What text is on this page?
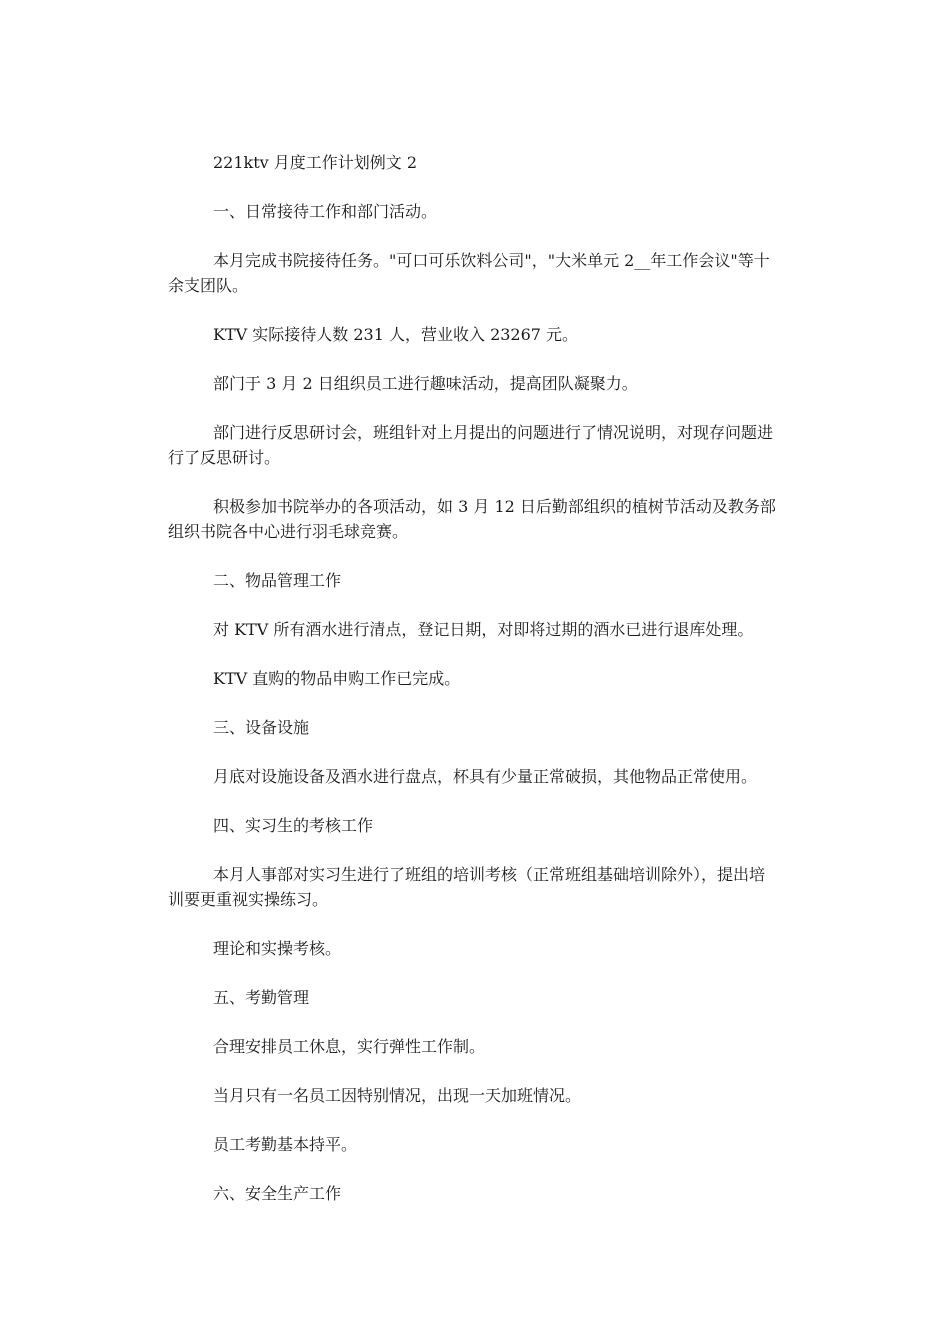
221ktv 月度工作计划例文 2

一、日常接待工作和部门活动。

本月完成书院接待任务。"可口可乐饮料公司"，"大米单元 2__年工作会议"等十余支团队。

KTV 实际接待人数 231 人，营业收入 23267 元。

部门于 3 月 2 日组织员工进行趣味活动，提高团队凝聚力。

部门进行反思研讨会，班组针对上月提出的问题进行了情况说明，对现存问题进行了反思研讨。

积极参加书院举办的各项活动，如 3 月 12 日后勤部组织的植树节活动及教务部组织书院各中心进行羽毛球竞赛。

二、物品管理工作

对 KTV 所有酒水进行清点，登记日期，对即将过期的酒水已进行退库处理。

KTV 直购的物品申购工作已完成。

三、设备设施

月底对设施设备及酒水进行盘点，杯具有少量正常破损，其他物品正常使用。

四、实习生的考核工作

本月人事部对实习生进行了班组的培训考核（正常班组基础培训除外），提出培训要更重视实操练习。

理论和实操考核。

五、考勤管理

合理安排员工休息，实行弹性工作制。

当月只有一名员工因特别情况，出现一天加班情况。

员工考勤基本持平。

六、安全生产工作
